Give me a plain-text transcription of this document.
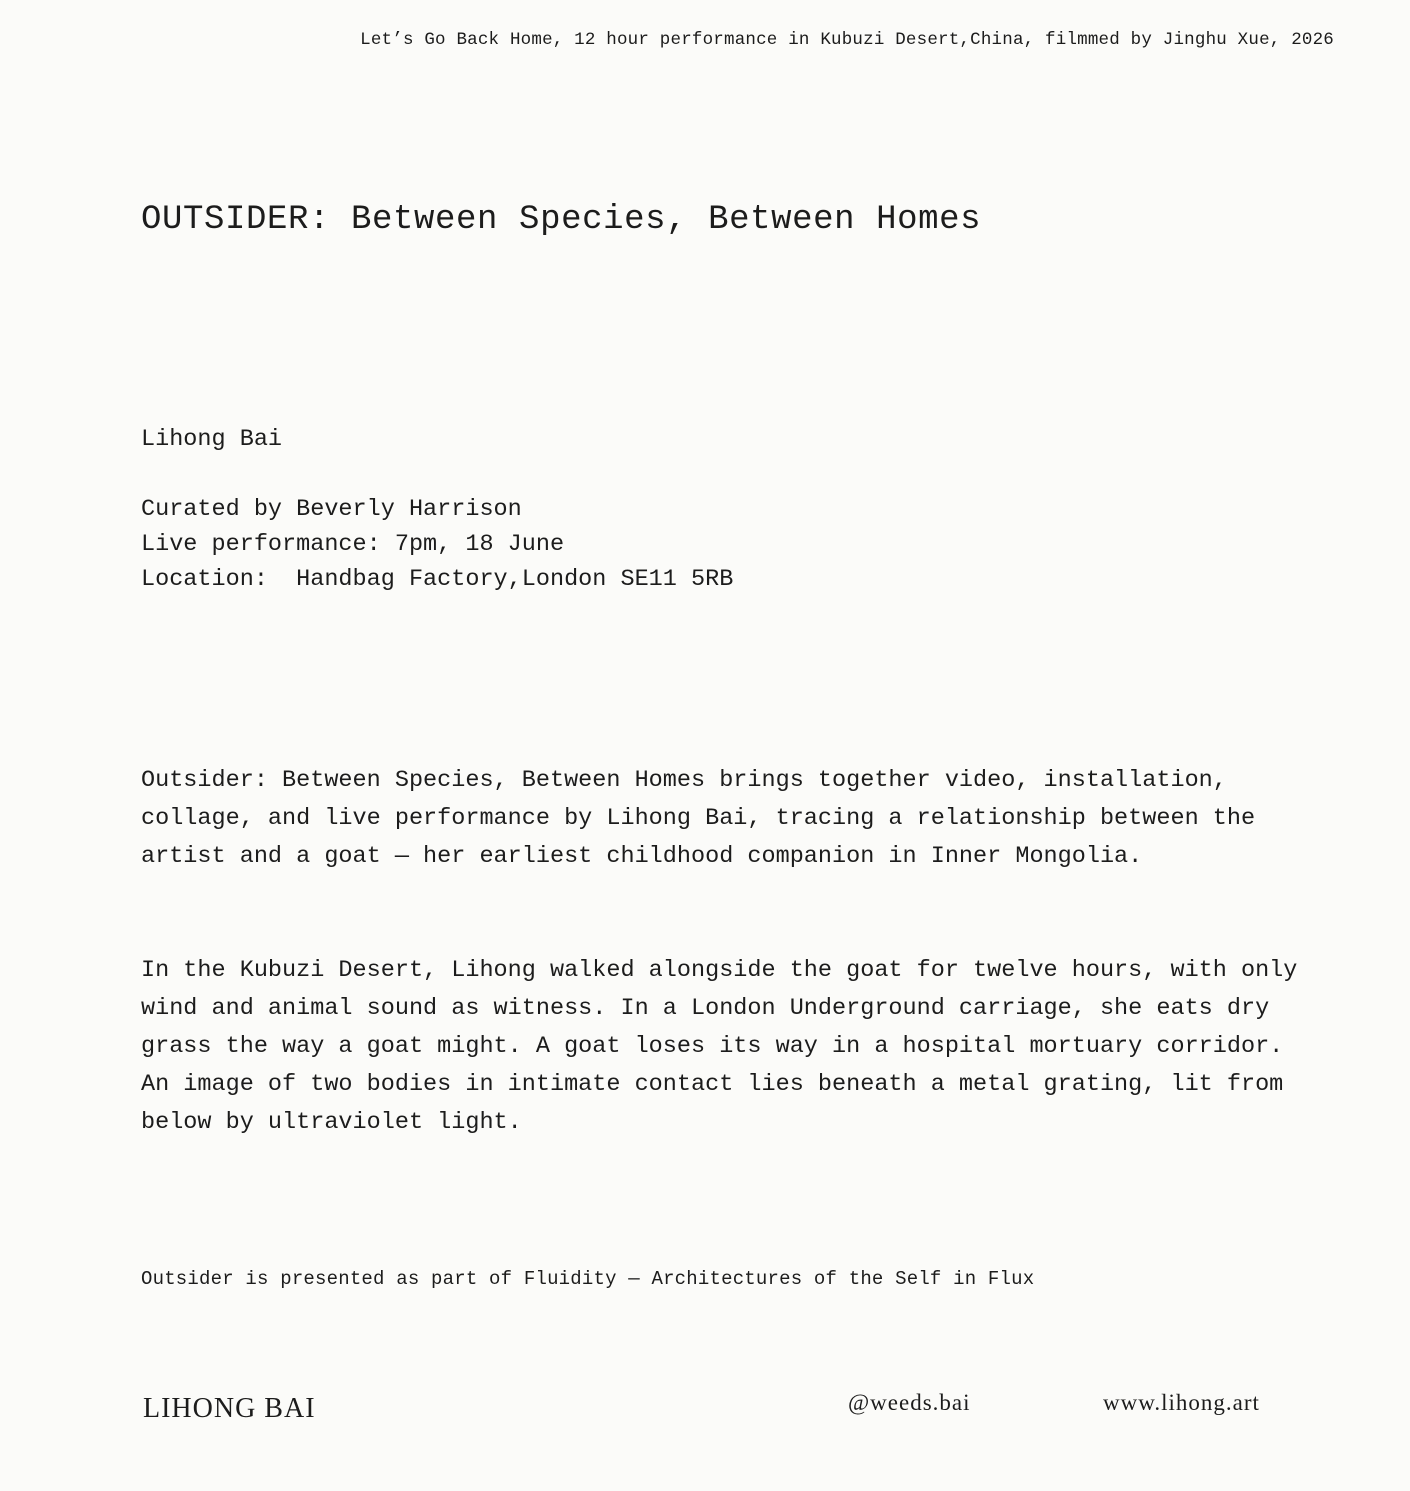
Let’s Go Back Home, 12 hour performance in Kubuzi Desert,China, filmmed by Jinghu Xue, 2026
OUTSIDER: Between Species, Between Homes
Lihong Bai
Curated by Beverly Harrison
Live performance: 7pm, 18 June
Location:  Handbag Factory,London SE11 5RB

Outsider: Between Species, Between Homes brings together video, installation, collage, and live performance by Lihong Bai, tracing a relationship between the artist and a goat — her earliest childhood companion in Inner Mongolia.

In the Kubuzi Desert, Lihong walked alongside the goat for twelve hours, with only wind and animal sound as witness. In a London Underground carriage, she eats dry grass the way a goat might. A goat loses its way in a hospital mortuary corridor. An image of two bodies in intimate contact lies beneath a metal grating, lit from below by ultraviolet light.

Outsider is presented as part of Fluidity — Architectures of the Self in Flux
LIHONG BAI	@weeds.bai	www.lihong.art
